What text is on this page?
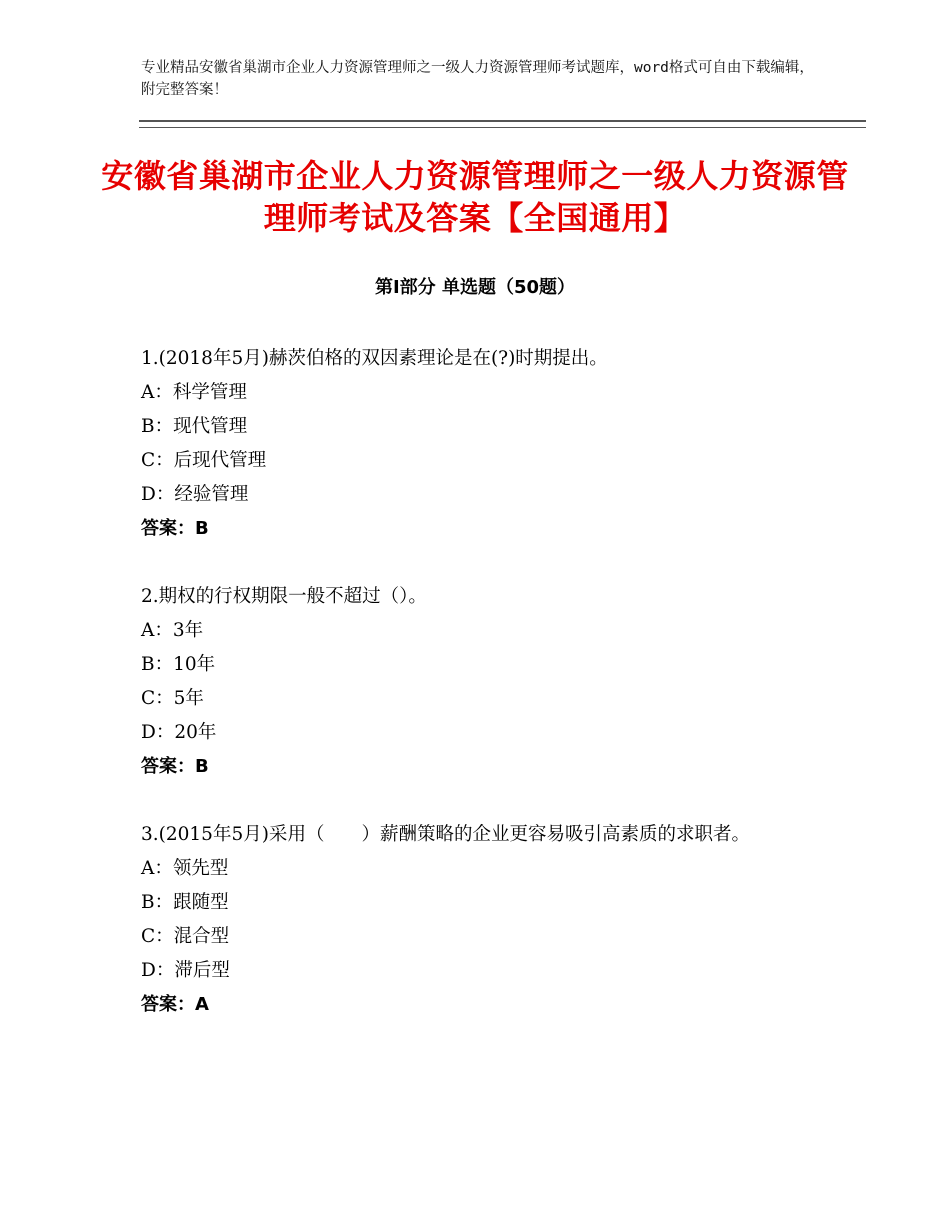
专业精品安徽省巢湖市企业人力资源管理师之一级人力资源管理师考试题库，word格式可自由下载编辑，附完整答案！
安徽省巢湖市企业人力资源管理师之一级人力资源管理师考试及答案【全国通用】
第Ⅰ部分 单选题（50题）

1.(2018年5月)赫茨伯格的双因素理论是在(?)时期提出。

A：科学管理

B：现代管理

C：后现代管理

D：经验管理

答案：B

2.期权的行权期限一般不超过（）。

A：3年

B：10年

C：5年

D：20年

答案：B

3.(2015年5月)采用（　　）薪酬策略的企业更容易吸引高素质的求职者。

A：领先型

B：跟随型

C：混合型

D：滞后型

答案：A
